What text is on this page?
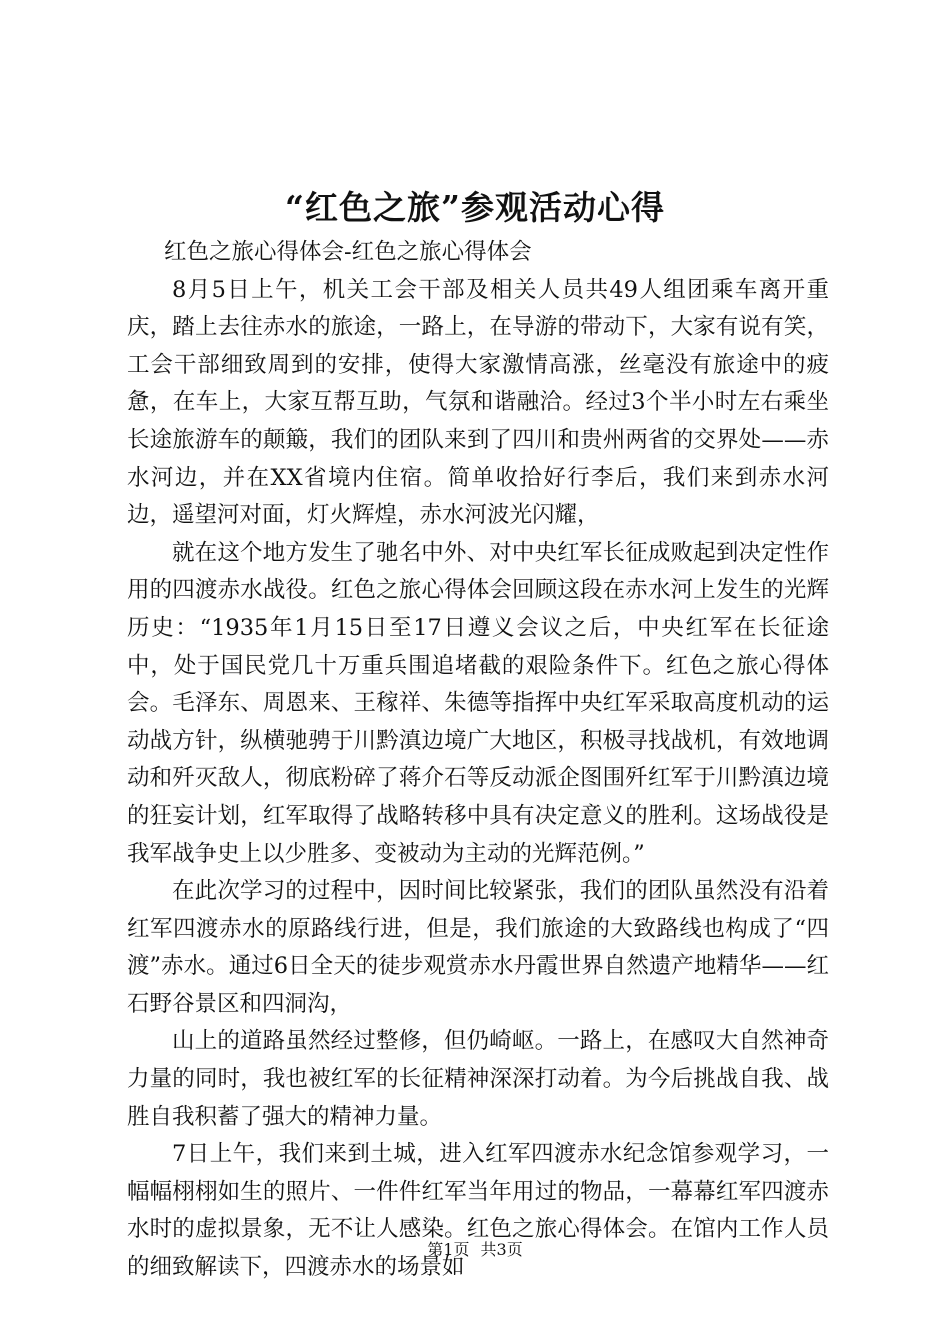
“红色之旅”参观活动心得

红色之旅心得体会-红色之旅心得体会

8月5日上午，机关工会干部及相关人员共49人组团乘车离开重庆，踏上去往赤水的旅途，一路上，在导游的带动下，大家有说有笑，工会干部细致周到的安排，使得大家激情高涨，丝毫没有旅途中的疲惫，在车上，大家互帮互助，气氛和谐融洽。经过3个半小时左右乘坐长途旅游车的颠簸，我们的团队来到了四川和贵州两省的交界处——赤水河边，并在XX省境内住宿。简单收拾好行李后，我们来到赤水河边，遥望河对面，灯火辉煌，赤水河波光闪耀，

就在这个地方发生了驰名中外、对中央红军长征成败起到决定性作用的四渡赤水战役。红色之旅心得体会回顾这段在赤水河上发生的光辉历史：“1935年1月15日至17日遵义会议之后，中央红军在长征途中，处于国民党几十万重兵围追堵截的艰险条件下。红色之旅心得体会。毛泽东、周恩来、王稼祥、朱德等指挥中央红军采取高度机动的运动战方针，纵横驰骋于川黔滇边境广大地区，积极寻找战机，有效地调动和歼灭敌人，彻底粉碎了蒋介石等反动派企图围歼红军于川黔滇边境的狂妄计划，红军取得了战略转移中具有决定意义的胜利。这场战役是我军战争史上以少胜多、变被动为主动的光辉范例。”

在此次学习的过程中，因时间比较紧张，我们的团队虽然没有沿着红军四渡赤水的原路线行进，但是，我们旅途的大致路线也构成了“四渡”赤水。通过6日全天的徒步观赏赤水丹霞世界自然遗产地精华——红石野谷景区和四洞沟，

山上的道路虽然经过整修，但仍崎岖。一路上，在感叹大自然神奇力量的同时，我也被红军的长征精神深深打动着。为今后挑战自我、战胜自我积蓄了强大的精神力量。

7日上午，我们来到土城，进入红军四渡赤水纪念馆参观学习，一幅幅栩栩如生的照片、一件件红军当年用过的物品，一幕幕红军四渡赤水时的虚拟景象，无不让人感染。红色之旅心得体会。在馆内工作人员的细致解读下，四渡赤水的场景如

第1页 共3页
